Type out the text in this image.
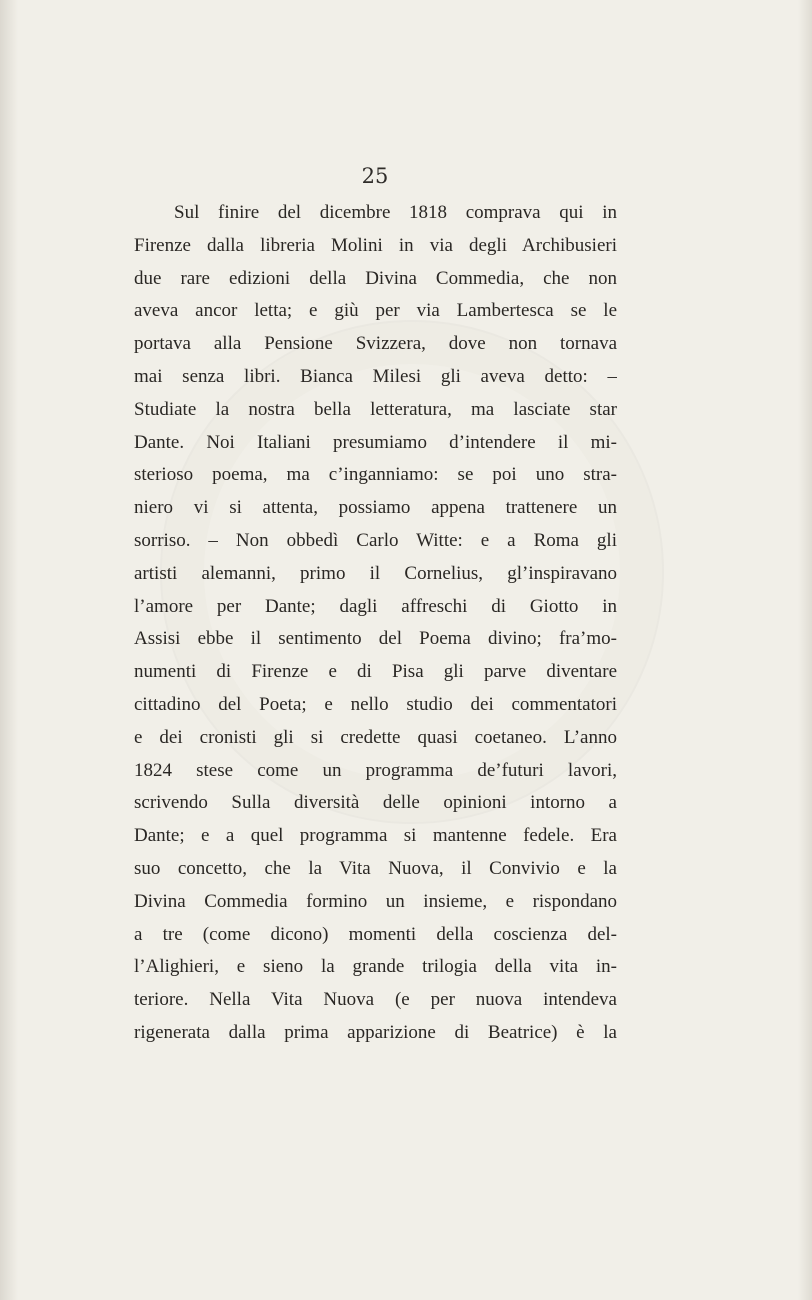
25
Sul finire del dicembre 1818 comprava qui in
Firenze dalla libreria Molini in via degli Archibusieri
due rare edizioni della Divina Commedia, che non
aveva ancor letta; e giù per via Lambertesca se le
portava alla Pensione Svizzera, dove non tornava
mai senza libri. Bianca Milesi gli aveva detto: –
Studiate la nostra bella letteratura, ma lasciate star
Dante. Noi Italiani presumiamo d’intendere il mi-
sterioso poema, ma c’inganniamo: se poi uno stra-
niero vi si attenta, possiamo appena trattenere un
sorriso. – Non obbedì Carlo Witte: e a Roma gli
artisti alemanni, primo il Cornelius, gl’inspiravano
l’amore per Dante; dagli affreschi di Giotto in
Assisi ebbe il sentimento del Poema divino; fra’mo-
numenti di Firenze e di Pisa gli parve diventare
cittadino del Poeta; e nello studio dei commentatori
e dei cronisti gli si credette quasi coetaneo. L’anno
1824 stese come un programma de’futuri lavori,
scrivendo Sulla diversità delle opinioni intorno a
Dante; e a quel programma si mantenne fedele. Era
suo concetto, che la Vita Nuova, il Convivio e la
Divina Commedia formino un insieme, e rispondano
a tre (come dicono) momenti della coscienza del-
l’Alighieri, e sieno la grande trilogia della vita in-
teriore. Nella Vita Nuova (e per nuova intendeva
rigenerata dalla prima apparizione di Beatrice) è la
